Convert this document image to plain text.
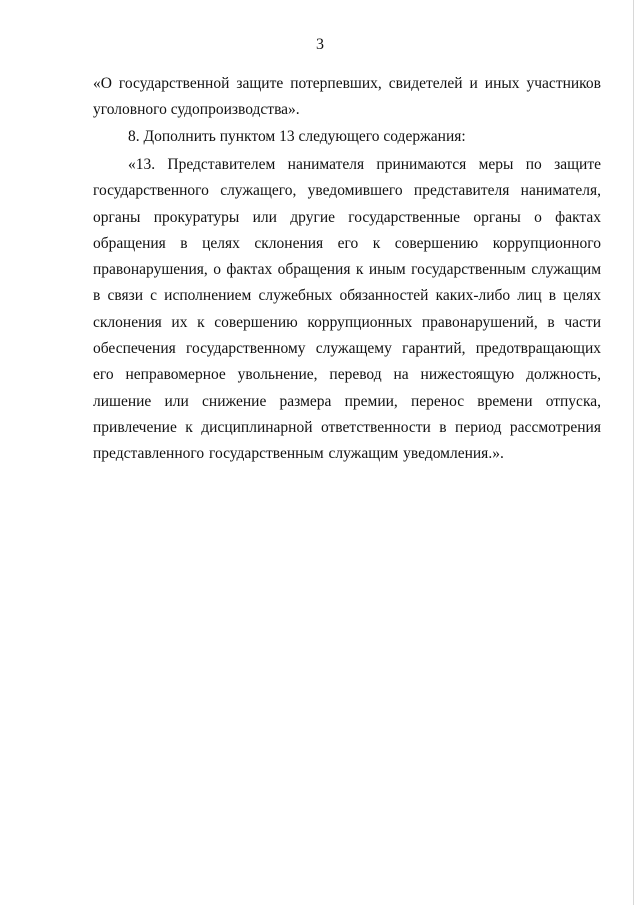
3

«О государственной защите потерпевших, свидетелей и иных участников уголовного судопроизводства».

8. Дополнить пунктом 13 следующего содержания:

«13. Представителем нанимателя принимаются меры по защите государственного служащего, уведомившего представителя нанимателя, органы прокуратуры или другие государственные органы о фактах обращения в целях склонения его к совершению коррупционного правонарушения, о фактах обращения к иным государственным служащим в связи с исполнением служебных обязанностей каких-либо лиц в целях склонения их к совершению коррупционных правонарушений, в части обеспечения государственному служащему гарантий, предотвращающих его неправомерное увольнение, перевод на нижестоящую должность, лишение или снижение размера премии, перенос времени отпуска, привлечение к дисциплинарной ответственности в период рассмотрения представленного государственным служащим уведомления.».
